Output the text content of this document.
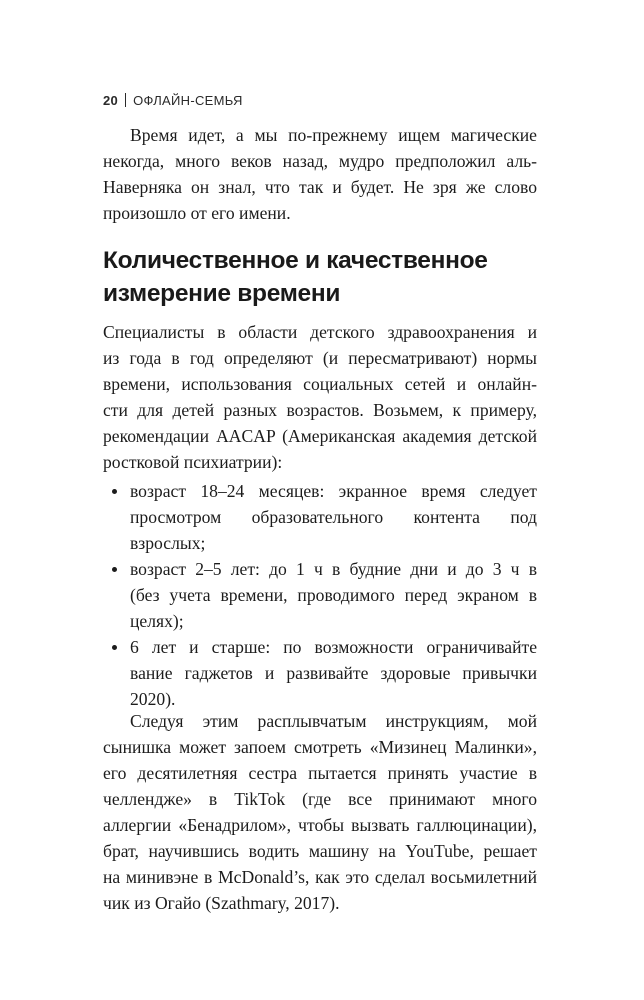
20 ОФЛАЙН-СЕМЬЯ
Время идет, а мы по-прежнему ищем магические
некогда, много веков назад, мудро предположил аль-
Наверняка он знал, что так и будет. Не зря же слово
произошло от его имени.
Количественное и качественное
измерение времени
Специалисты в области детского здравоохранения и
из года в год определяют (и пересматривают) нормы
времени, использования социальных сетей и онлайн-
сти для детей разных возрастов. Возьмем, к примеру,
рекомендации AACAP (Американская академия детской
ростковой психиатрии):
возраст 18–24 месяцев: экранное время следует
просмотром образовательного контента под
взрослых;
возраст 2–5 лет: до 1 ч в будние дни и до 3 ч в
(без учета времени, проводимого перед экраном в
целях);
6 лет и старше: по возможности ограничивайте
вание гаджетов и развивайте здоровые привычки
2020).
Следуя этим расплывчатым инструкциям, мой
сынишка может запоем смотреть «Мизинец Малинки»,
его десятилетняя сестра пытается принять участие в
челлендже» в TikTok (где все принимают много
аллергии «Бенадрилом», чтобы вызвать галлюцинации),
брат, научившись водить машину на YouTube, решает
на минивэне в McDonald’s, как это сделал восьмилетний
чик из Огайо (Szathmary, 2017).
